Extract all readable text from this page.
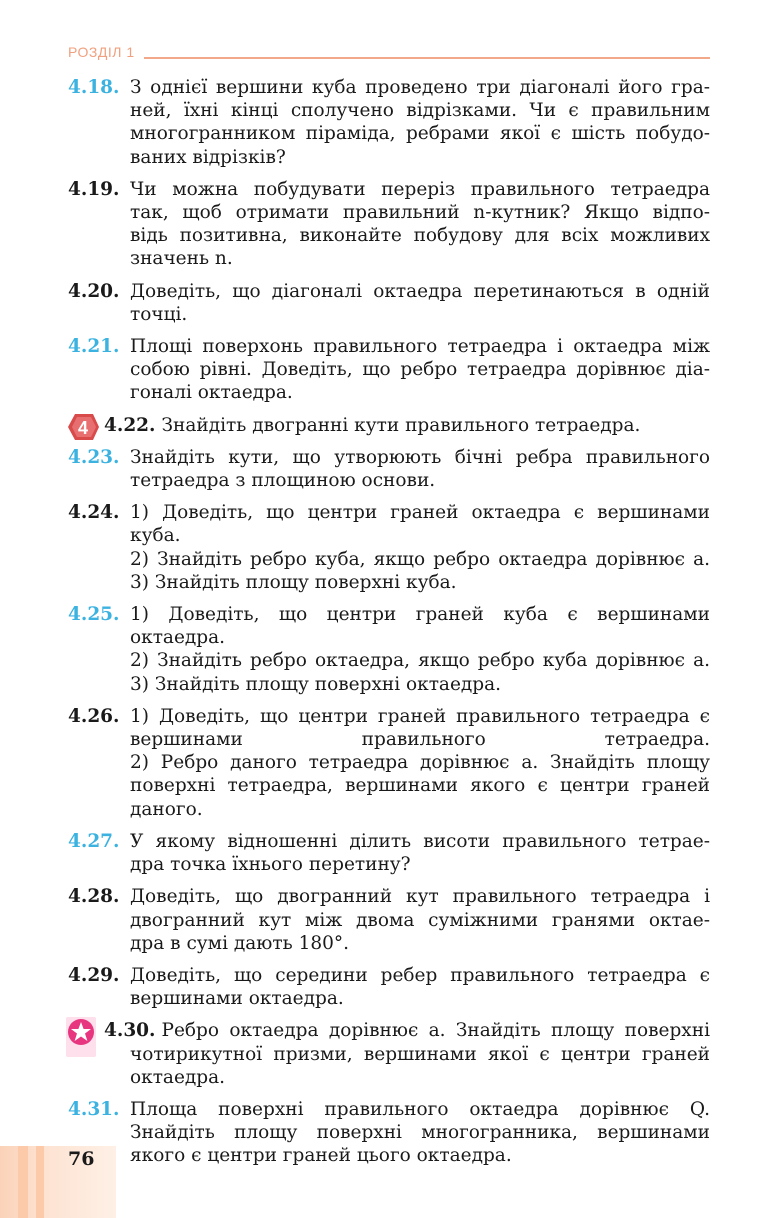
РОЗДІЛ 1
4.18. З однієї вершини куба проведено три діагоналі його гра-
ней, їхні кінці сполучено відрізками. Чи є правильним
многогранником піраміда, ребрами якої є шість побудо-
ваних відрізків?
4.19. Чи можна побудувати переріз правильного тетраедра
так, щоб отримати правильний n-кутник? Якщо відпо-
відь позитивна, виконайте побудову для всіх можливих
значень n.
4.20. Доведіть, що діагоналі октаедра перетинаються в одній
точці.
4.21. Площі поверхонь правильного тетраедра і октаедра між
собою рівні. Доведіть, що ребро тетраедра дорівнює діа-
гоналі октаедра.
4 4.22. Знайдіть двогранні кути правильного тетраедра.
4.23. Знайдіть кути, що утворюють бічні ребра правильного
тетраедра з площиною основи.
4.24. 1) Доведіть, що центри граней октаедра є вершинами куба.
2) Знайдіть ребро куба, якщо ребро октаедра дорівнює a.
3) Знайдіть площу поверхні куба.
4.25. 1) Доведіть, що центри граней куба є вершинами октаедра.
2) Знайдіть ребро октаедра, якщо ребро куба дорівнює a.
3) Знайдіть площу поверхні октаедра.
4.26. 1) Доведіть, що центри граней правильного тетраедра є
вершинами правильного тетраедра.
2) Ребро даного тетраедра дорівнює a. Знайдіть площу
поверхні тетраедра, вершинами якого є центри граней
даного.
4.27. У якому відношенні ділить висоти правильного тетрае-
дра точка їхнього перетину?
4.28. Доведіть, що двогранний кут правильного тетраедра і
двогранний кут між двома суміжними гранями октае-
дра в сумі дають 180°.
4.29. Доведіть, що середини ребер правильного тетраедра є
вершинами октаедра.
4.30. Ребро октаедра дорівнює a. Знайдіть площу поверхні
чотирикутної призми, вершинами якої є центри граней
октаедра.
4.31. Площа поверхні правильного октаедра дорівнює Q.
Знайдіть площу поверхні многогранника, вершинами
якого є центри граней цього октаедра.
76
